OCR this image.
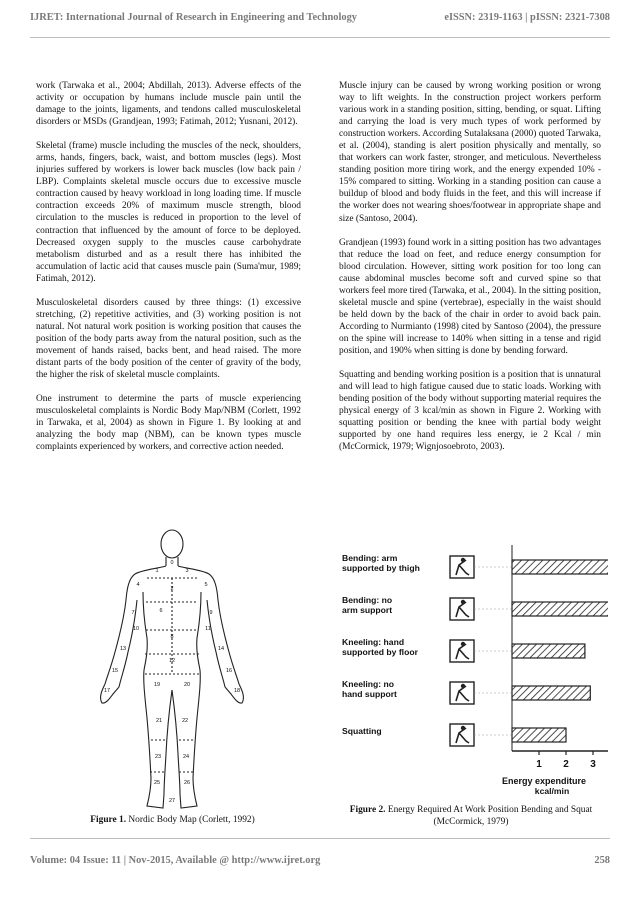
IJRET: International Journal of Research in Engineering and Technology	eISSN: 2319-1163 | pISSN: 2321-7308

work (Tarwaka et al., 2004; Abdillah, 2013). Adverse effects of the activity or occupation by humans include muscle pain until the damage to the joints, ligaments, and tendons called musculoskeletal disorders or MSDs (Grandjean, 1993; Fatimah, 2012; Yusnani, 2012).

Skeletal (frame) muscle including the muscles of the neck, shoulders, arms, hands, fingers, back, waist, and bottom muscles (legs). Most injuries suffered by workers is lower back muscles (low back pain / LBP). Complaints skeletal muscle occurs due to excessive muscle contraction caused by heavy workload in long loading time. If muscle contraction exceeds 20% of maximum muscle strength, blood circulation to the muscles is reduced in proportion to the level of contraction that influenced by the amount of force to be deployed. Decreased oxygen supply to the muscles cause carbohydrate metabolism disturbed and as a result there has inhibited the accumulation of lactic acid that causes muscle pain (Suma'mur, 1989; Fatimah, 2012).

Musculoskeletal disorders caused by three things: (1) excessive stretching, (2) repetitive activities, and (3) working position is not natural. Not natural work position is working position that causes the position of the body parts away from the natural position, such as the movement of hands raised, backs bent, and head raised. The more distant parts of the body position of the center of gravity of the body, the higher the risk of skeletal muscle complaints.

One instrument to determine the parts of muscle experiencing musculoskeletal complaints is Nordic Body Map/NBM (Corlett, 1992 in Tarwaka, et al, 2004) as shown in Figure 1. By looking at and analyzing the body map (NBM), can be known types muscle complaints experienced by workers, and corrective action needed.

Muscle injury can be caused by wrong working position or wrong way to lift weights. In the construction project workers perform various work in a standing position, sitting, bending, or squat. Lifting and carrying the load is very much types of work performed by construction workers. According Sutalaksana (2000) quoted Tarwaka, et al. (2004), standing is alert position physically and mentally, so that workers can work faster, stronger, and meticulous. Nevertheless standing position more tiring work, and the energy expended 10% - 15% compared to sitting. Working in a standing position can cause a buildup of blood and body fluids in the feet, and this will increase if the worker does not wearing shoes/footwear in appropriate shape and size (Santoso, 2004).

Grandjean (1993) found work in a sitting position has two advantages that reduce the load on feet, and reduce energy consumption for blood circulation. However, sitting work position for too long can cause abdominal muscles become soft and curved spine so that workers feel more tired (Tarwaka, et al., 2004). In the sitting position, skeletal muscle and spine (vertebrae), especially in the waist should be held down by the back of the chair in order to avoid back pain. According to Nurmianto (1998) cited by Santoso (2004), the pressure on the spine will increase to 140% when sitting in a tense and rigid position, and 190% when sitting is done by bending forward.

Squatting and bending working position is a position that is unnatural and will lead to high fatigue caused due to static loads. Working with bending position of the body without supporting material requires the physical energy of 3 kcal/min as shown in Figure 2. Working with squatting position or bending the knee with partial body weight supported by one hand requires less energy, ie 2 Kcal / min (McCormick, 1979; Wignjosoebroto, 2003).

0
1
2
3
4	5
6
7
8
9
10	11
12
13	14
15	16
17	18
19	20
21	22
23	24
25	26
27
Figure 1. Nordic Body Map (Corlett, 1992)
Bending: arm
supported by thigh
Bending: no
arm support
Kneeling: hand
supported by floor
Kneeling: no
hand support
Squatting
1 2 3
Energy expenditure
kcal/min
Figure 2. Energy Required At Work Position Bending and Squat (McCormick, 1979)
Volume: 04 Issue: 11 | Nov-2015, Available @ http://www.ijret.org	258
